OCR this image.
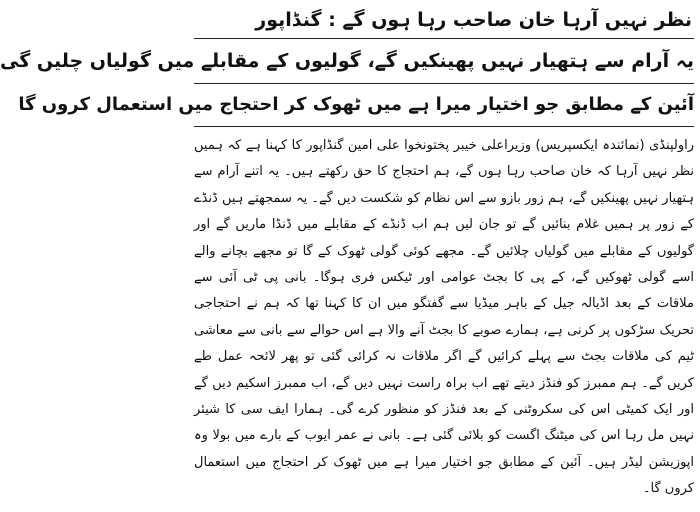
نظر نہیں آرہا خان صاحب رہا ہوں گے : گنڈاپور

یہ آرام سے ہتھیار نہیں پھینکیں گے، گولیوں کے مقابلے میں گولیاں چلیں گی

آئین کے مطابق جو اختیار میرا ہے میں ٹھوک کر احتجاج میں استعمال کروں گا

راولپنڈی (نمائندہ ایکسپریس) وزیراعلی خیبر پختونخوا علی امین گنڈاپور کا کہنا ہے کہ ہمیں نظر نہیں آرہا کہ خان صاحب رہا ہوں گے، ہم احتجاج کا حق رکھتے ہیں۔ یہ اتنے آرام سے ہتھیار نہیں پھینکیں گے، ہم زور بازو سے اس نظام کو شکست دیں گے۔ یہ سمجھتے ہیں ڈنڈے کے زور پر ہمیں غلام بنائیں گے تو جان لیں ہم اب ڈنڈے کے مقابلے میں ڈنڈا ماریں گے اور گولیوں کے مقابلے میں گولیاں چلائیں گے۔ مجھے کوئی گولی ٹھوک کے گا تو مجھے بچانے والے اسے گولی ٹھوکیں گے، کے پی کا بجٹ عوامی اور ٹیکس فری ہوگا۔ بانی پی ٹی آئی سے ملاقات کے بعد اڈیالہ جیل کے باہر میڈیا سے گفتگو میں ان کا کہنا تھا کہ ہم نے احتجاجی تحریک سڑکوں پر کرنی ہے، ہمارے صوبے کا بجٹ آنے والا ہے اس حوالے سے بانی سے معاشی ٹیم کی ملاقات بجٹ سے پہلے کرائیں گے اگر ملاقات نہ کرائی گئی تو پھر لائحہ عمل طے کریں گے۔ ہم ممبرز کو فنڈز دیتے تھے اب براہ راست نہیں دیں گے، اب ممبرز اسکیم دیں گے اور ایک کمیٹی اس کی سکروٹنی کے بعد فنڈز کو منظور کرے گی۔ ہمارا ایف سی کا شیئر نہیں مل رہا اس کی میٹنگ اگست کو بلائی گئی ہے۔ بانی نے عمر ایوب کے بارے میں بولا وہ اپوزیشن لیڈر ہیں۔ آئین کے مطابق جو اختیار میرا ہے میں ٹھوک کر احتجاج میں استعمال کروں گا۔
